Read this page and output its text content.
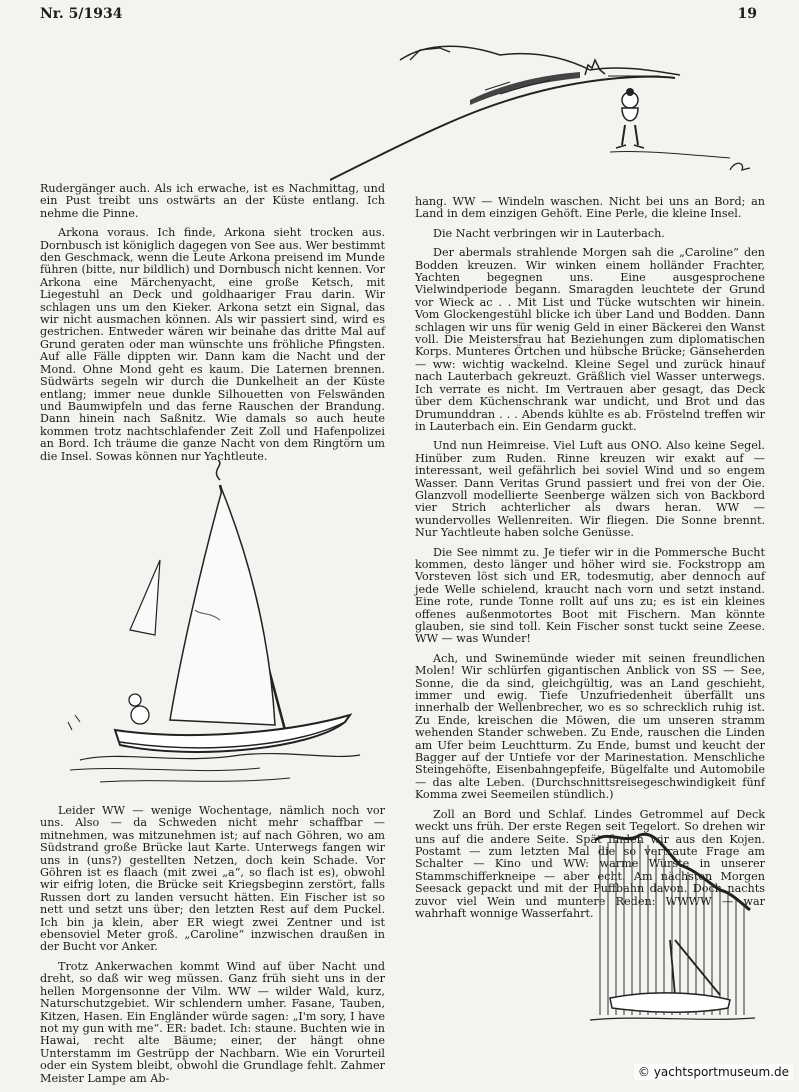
Nr. 5/1934	19

Rudergänger auch. Als ich erwache, ist es Nachmittag, und ein Pust treibt uns ostwärts an der Küste entlang. Ich nehme die Pinne.

Arkona voraus. Ich finde, Arkona sieht trocken aus. Dornbusch ist königlich dagegen von See aus. Wer bestimmt den Geschmack, wenn die Leute Arkona preisend im Munde führen (bitte, nur bildlich) und Dornbusch nicht kennen. Vor Arkona eine Märchenyacht, eine große Ketsch, mit Liegestuhl an Deck und goldhaariger Frau darin. Wir schlagen uns um den Kieker. Arkona setzt ein Signal, das wir nicht ausmachen können. Als wir passiert sind, wird es gestrichen. Entweder wären wir beinahe das dritte Mal auf Grund geraten oder man wünschte uns fröhliche Pfingsten. Auf alle Fälle dippten wir. Dann kam die Nacht und der Mond. Ohne Mond geht es kaum. Die Laternen brennen. Südwärts segeln wir durch die Dunkelheit an der Küste entlang; immer neue dunkle Silhouetten von Felswänden und Baumwipfeln und das ferne Rauschen der Brandung. Dann hinein nach Saßnitz. Wie damals so auch heute kommen trotz nachtschlafender Zeit Zoll und Hafenpolizei an Bord. Ich träume die ganze Nacht von dem Ringtörn um die Insel. Sowas können nur Yachtleute.

Leider WW — wenige Wochentage, nämlich noch vor uns. Also — da Schweden nicht mehr schaffbar — mitnehmen, was mitzunehmen ist; auf nach Göhren, wo am Südstrand große Brücke laut Karte. Unterwegs fangen wir uns in (uns?) gestellten Netzen, doch kein Schade. Vor Göhren ist es flaach (mit zwei „a“, so flach ist es), obwohl wir eifrig loten, die Brücke seit Kriegsbeginn zerstört, falls Russen dort zu landen versucht hätten. Ein Fischer ist so nett und setzt uns über; den letzten Rest auf dem Puckel. Ich bin ja klein, aber ER wiegt zwei Zentner und ist ebensoviel Meter groß. „Caroline“ inzwischen draußen in der Bucht vor Anker.

Trotz Ankerwachen kommt Wind auf über Nacht und dreht, so daß wir weg müssen. Ganz früh sieht uns in der hellen Morgensonne der Vilm. WW — wilder Wald, kurz, Naturschutzgebiet. Wir schlendern umher. Fasane, Tauben, Kitzen, Hasen. Ein Engländer würde sagen: „I'm sory, I have not my gun with me“. ER: badet. Ich: staune. Buchten wie in Hawai, recht alte Bäume; einer, der hängt ohne Unterstamm im Gestrüpp der Nachbarn. Wie ein Vorurteil oder ein System bleibt, obwohl die Grundlage fehlt. Zahmer Meister Lampe am Ab-

hang. WW — Windeln waschen. Nicht bei uns an Bord; an Land in dem einzigen Gehöft. Eine Perle, die kleine Insel.

Die Nacht verbringen wir in Lauterbach.

Der abermals strahlende Morgen sah die „Caroline“ den Bodden kreuzen. Wir winken einem holländer Frachter, Yachten begegnen uns. Eine ausgesprochene Vielwindperiode begann. Smaragden leuchtete der Grund vor Wieck ac . . Mit List und Tücke wutschten wir hinein. Vom Glockengestühl blicke ich über Land und Bodden. Dann schlagen wir uns für wenig Geld in einer Bäckerei den Wanst voll. Die Meistersfrau hat Beziehungen zum diplomatischen Korps. Munteres Örtchen und hübsche Brücke; Gänseherden — ww: wichtig wackelnd. Kleine Segel und zurück hinauf nach Lauterbach gekreuzt. Gräßlich viel Wasser unterwegs. Ich verrate es nicht. Im Vertrauen aber gesagt, das Deck über dem Küchenschrank war undicht, und Brot und das Drumunddran . . . Abends kühlte es ab. Fröstelnd treffen wir in Lauterbach ein. Ein Gendarm guckt.

Und nun Heimreise. Viel Luft aus ONO. Also keine Segel. Hinüber zum Ruden. Rinne kreuzen wir exakt auf — interessant, weil gefährlich bei soviel Wind und so engem Wasser. Dann Veritas Grund passiert und frei von der Oie. Glanzvoll modellierte Seenberge wälzen sich von Backbord vier Strich achterlicher als dwars heran. WW — wundervolles Wellenreiten. Wir fliegen. Die Sonne brennt. Nur Yachtleute haben solche Genüsse.

Die See nimmt zu. Je tiefer wir in die Pommersche Bucht kommen, desto länger und höher wird sie. Fockstropp am Vorsteven löst sich und ER, todesmutig, aber dennoch auf jede Welle schielend, kraucht nach vorn und setzt instand. Eine rote, runde Tonne rollt auf uns zu; es ist ein kleines offenes außenmotortes Boot mit Fischern. Man könnte glauben, sie sind toll. Kein Fischer sonst tuckt seine Zeese. WW — was Wunder!

Ach, und Swinemünde wieder mit seinen freundlichen Molen! Wir schlürfen gigantischen Anblick von SS — See, Sonne, die da sind, gleichgültig, was an Land geschieht, immer und ewig. Tiefe Unzufriedenheit überfällt uns innerhalb der Wellenbrecher, wo es so schrecklich ruhig ist. Zu Ende, kreischen die Möwen, die um unseren stramm wehenden Stander schweben. Zu Ende, rauschen die Linden am Ufer beim Leuchtturm. Zu Ende, bumst und keucht der Bagger auf der Untiefe vor der Marinestation. Menschliche Steingehöfte, Eisenbahngepfeife, Bügelfalte und Automobile — das alte Leben. (Durchschnittsreisegeschwindigkeit fünf Komma zwei Seemeilen stündlich.)

Zoll an Bord und Schlaf. Lindes Getrommel auf Deck weckt uns früh. Der erste Regen seit Tegelort. So drehen wir uns auf die andere Seite. Spät finden wir aus den Kojen. Postamt — zum letzten Mal die so vertraute Frage am Schalter — Kino und WW: warme Würste in unserer Stammschifferkneipe — aber echt. Am nächsten Morgen Seesack gepackt und mit der Puffbahn davon. Doch nachts zuvor viel Wein und muntere Reden: WWWW — war wahrhaft wonnige Wasserfahrt.

© yachtsportmuseum.de
